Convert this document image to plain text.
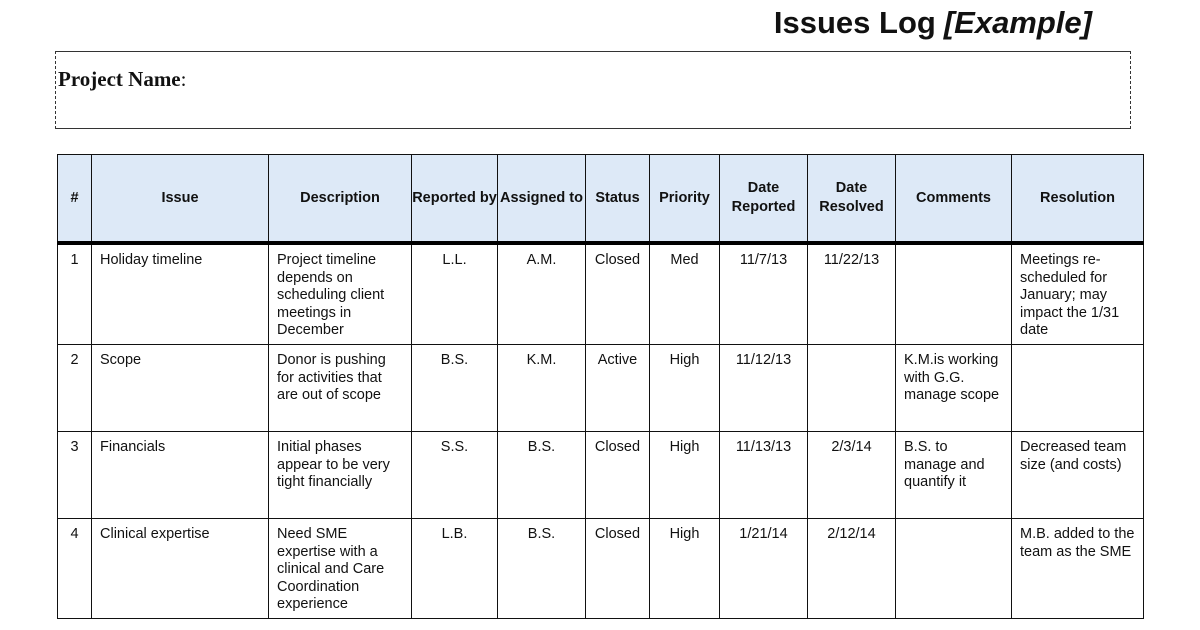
Issues Log [Example]
Project Name:
#	Issue	Description	Reported by	Assigned to	Status	Priority	Date Reported	Date Resolved	Comments	Resolution
1	Holiday timeline	Project timeline depends on scheduling client meetings in December	L.L.	A.M.	Closed	Med	11/7/13	11/22/13		Meetings re-scheduled for January; may impact the 1/31 date
2	Scope	Donor is pushing for activities that are out of scope	B.S.	K.M.	Active	High	11/12/13		K.M.is working with G.G. manage scope	
3	Financials	Initial phases appear to be very tight financially	S.S.	B.S.	Closed	High	11/13/13	2/3/14	B.S. to manage and quantify it	Decreased team size (and costs)
4	Clinical expertise	Need SME expertise with a clinical and Care Coordination experience	L.B.	B.S.	Closed	High	1/21/14	2/12/14		M.B. added to the team as the SME
